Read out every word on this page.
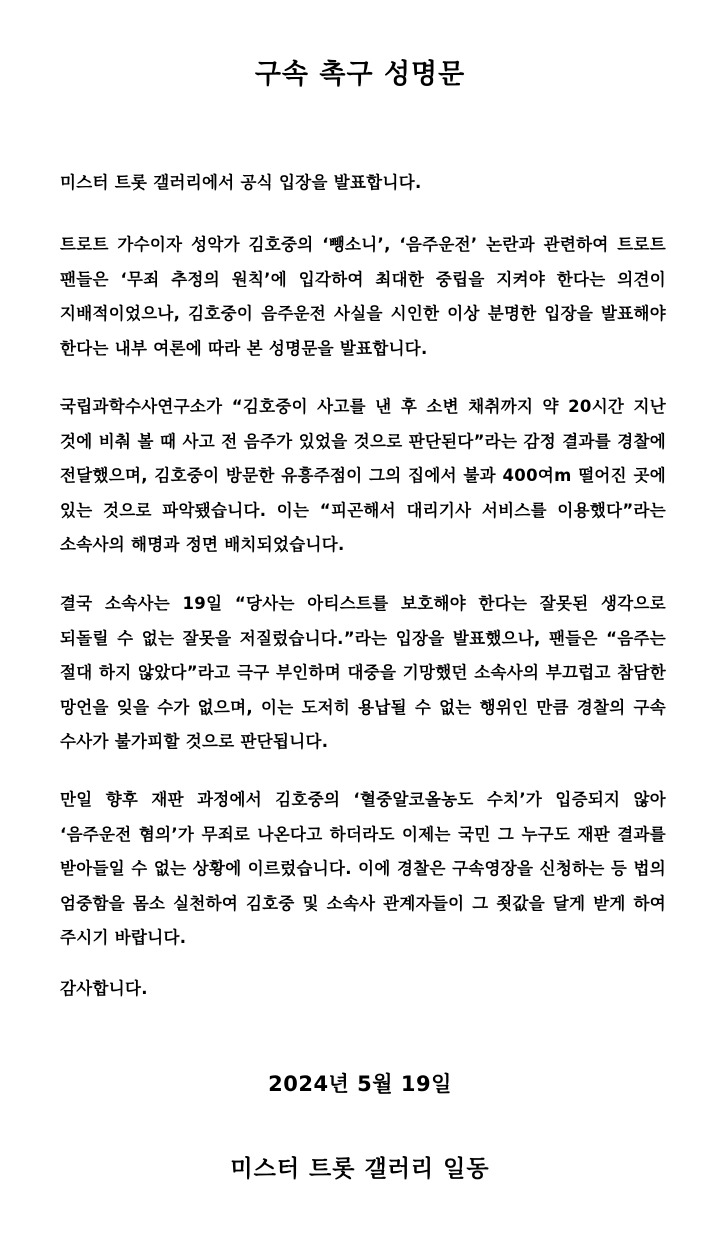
구속 촉구 성명문
미스터 트롯 갤러리에서 공식 입장을 발표합니다.
트로트 가수이자 성악가 김호중의 ‘뺑소니’, ‘음주운전’ 논란과 관련하여 트로트 팬들은 ‘무죄 추정의 원칙’에 입각하여 최대한 중립을 지켜야 한다는 의견이 지배적이었으나, 김호중이 음주운전 사실을 시인한 이상 분명한 입장을 발표해야 한다는 내부 여론에 따라 본 성명문을 발표합니다.
국립과학수사연구소가 “김호중이 사고를 낸 후 소변 채취까지 약 20시간 지난 것에 비춰 볼 때 사고 전 음주가 있었을 것으로 판단된다”라는 감정 결과를 경찰에 전달했으며, 김호중이 방문한 유흥주점이 그의 집에서 불과 400여m 떨어진 곳에 있는 것으로 파악됐습니다. 이는 “피곤해서 대리기사 서비스를 이용했다”라는 소속사의 해명과 정면 배치되었습니다.
결국 소속사는 19일 “당사는 아티스트를 보호해야 한다는 잘못된 생각으로 되돌릴 수 없는 잘못을 저질렀습니다.”라는 입장을 발표했으나, 팬들은 “음주는 절대 하지 않았다”라고 극구 부인하며 대중을 기망했던 소속사의 부끄럽고 참담한 망언을 잊을 수가 없으며, 이는 도저히 용납될 수 없는 행위인 만큼 경찰의 구속 수사가 불가피할 것으로 판단됩니다.
만일 향후 재판 과정에서 김호중의 ‘혈중알코올농도 수치’가 입증되지 않아 ‘음주운전 혐의’가 무죄로 나온다고 하더라도 이제는 국민 그 누구도 재판 결과를 받아들일 수 없는 상황에 이르렀습니다. 이에 경찰은 구속영장을 신청하는 등 법의 엄중함을 몸소 실천하여 김호중 및 소속사 관계자들이 그 죗값을 달게 받게 하여 주시기 바랍니다.
감사합니다.
2024년 5월 19일
미스터 트롯 갤러리 일동
